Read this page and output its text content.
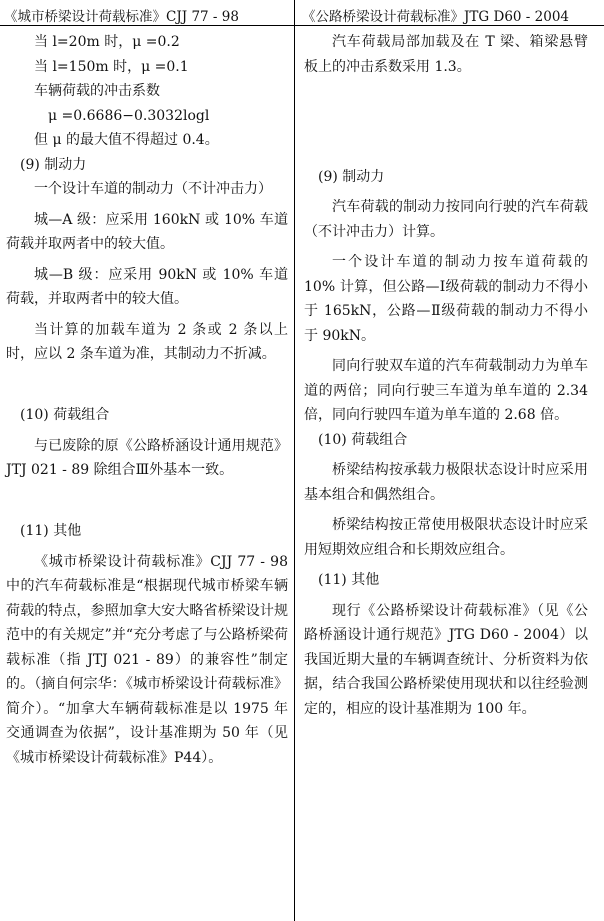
《城市桥梁设计荷载标准》CJJ 77 - 98	《公路桥梁设计荷载标准》JTG D60 - 2004

当 l=20m 时，μ =0.2

当 l=150m 时，μ =0.1

车辆荷载的冲击系数

μ =0.6686−0.3032logl

但 μ 的最大值不得超过 0.4。

(9) 制动力

一个设计车道的制动力（不计冲击力）

城—A 级：应采用 160kN 或 10% 车道荷载并取两者中的较大值。

城—B 级：应采用 90kN 或 10% 车道荷载，并取两者中的较大值。

当计算的加载车道为 2 条或 2 条以上时，应以 2 条车道为准，其制动力不折减。

(10) 荷载组合

与已废除的原《公路桥涵设计通用规范》JTJ 021 - 89 除组合Ⅲ外基本一致。

(11) 其他

《城市桥梁设计荷载标准》CJJ 77 - 98 中的汽车荷载标准是“根据现代城市桥梁车辆荷载的特点，参照加拿大安大略省桥梁设计规范中的有关规定”并“充分考虑了与公路桥梁荷载标准（指 JTJ 021 - 89）的兼容性”制定的。（摘自何宗华：《城市桥梁设计荷载标准》简介）。“加拿大车辆荷载标准是以 1975 年交通调查为依据”，设计基准期为 50 年（见《城市桥梁设计荷载标准》P44）。

汽车荷载局部加载及在 T 梁、箱梁悬臂板上的冲击系数采用 1.3。

(9) 制动力

汽车荷载的制动力按同向行驶的汽车荷载（不计冲击力）计算。

一个设计车道的制动力按车道荷载的 10% 计算，但公路—Ⅰ级荷载的制动力不得小于 165kN，公路—Ⅱ级荷载的制动力不得小于 90kN。

同向行驶双车道的汽车荷载制动力为单车道的两倍；同向行驶三车道为单车道的 2.34 倍，同向行驶四车道为单车道的 2.68 倍。

(10) 荷载组合

桥梁结构按承载力极限状态设计时应采用基本组合和偶然组合。

桥梁结构按正常使用极限状态设计时应采用短期效应组合和长期效应组合。

(11) 其他

现行《公路桥梁设计荷载标准》（见《公路桥涵设计通行规范》JTG D60 - 2004）以我国近期大量的车辆调查统计、分析资料为依据，结合我国公路桥梁使用现状和以往经验测定的，相应的设计基准期为 100 年。
